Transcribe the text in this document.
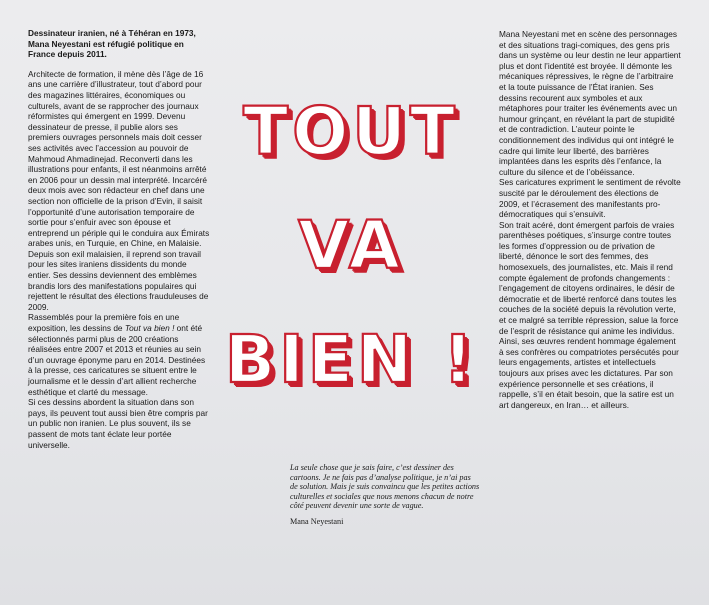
Dessinateur iranien, né à Téhéran en 1973, Mana Neyestani est réfugié politique en France depuis 2011.

Architecte de formation, il mène dès l’âge de 16 ans une carrière d’illustrateur, tout d’abord pour des magazines littéraires, économiques ou culturels, avant de se rapprocher des journaux réformistes qui émergent en 1999. Devenu dessinateur de presse, il publie alors ses premiers ouvrages personnels mais doit cesser ses activités avec l’accession au pouvoir de Mahmoud Ahmadinejad. Reconverti dans les illustrations pour enfants, il est néanmoins arrêté en 2006 pour un dessin mal interprété. Incarcéré deux mois avec son rédacteur en chef dans une section non officielle de la prison d’Evin, il saisit l’opportunité d’une autorisation temporaire de sortie pour s’enfuir avec son épouse et entreprend un périple qui le conduira aux Émirats arabes unis, en Turquie, en Chine, en Malaisie.

Depuis son exil malaisien, il reprend son travail pour les sites iraniens dissidents du monde entier. Ses dessins deviennent des emblèmes brandis lors des manifestations populaires qui rejettent le résultat des élections frauduleuses de 2009.

Rassemblés pour la première fois en une exposition, les dessins de Tout va bien ! ont été sélectionnés parmi plus de 200 créations réalisées entre 2007 et 2013 et réunies au sein d’un ouvrage éponyme paru en 2014. Destinées à la presse, ces caricatures se situent entre le journalisme et le dessin d’art allient recherche esthétique et clarté du message.

Si ces dessins abordent la situation dans son pays, ils peuvent tout aussi bien être compris par un public non iranien. Le plus souvent, ils se passent de mots tant éclate leur portée universelle.

TOUT
VA
BIEN !

La seule chose que je sais faire, c’est dessiner des cartoons. Je ne fais pas d’analyse politique, je n’ai pas de solution. Mais je suis convaincu que les petites actions culturelles et sociales que nous menons chacun de notre côté peuvent devenir une sorte de vague.

Mana Neyestani

Mana Neyestani met en scène des personnages et des situations tragi-comiques, des gens pris dans un système ou leur destin ne leur appartient plus et dont l’identité est broyée. Il démonte les mécaniques répressives, le règne de l’arbitraire et la toute puissance de l’État iranien. Ses dessins recourent aux symboles et aux métaphores pour traiter les événements avec un humour grinçant, en révélant la part de stupidité et de contradiction. L’auteur pointe le conditionnement des individus qui ont intégré le cadre qui limite leur liberté, des barrières implantées dans les esprits dès l’enfance, la culture du silence et de l’obéissance.

Ses caricatures expriment le sentiment de révolte suscité par le déroulement des élections de 2009, et l’écrasement des manifestants pro-démocratiques qui s’ensuivit.

Son trait acéré, dont émergent parfois de vraies parenthèses poétiques, s’insurge contre toutes les formes d’oppression ou de privation de liberté, dénonce le sort des femmes, des homosexuels, des journalistes, etc. Mais il rend compte également de profonds changements : l’engagement de citoyens ordinaires, le désir de démocratie et de liberté renforcé dans toutes les couches de la société depuis la révolution verte, et ce malgré sa terrible répression, salue la force de l’esprit de résistance qui anime les individus.

Ainsi, ses œuvres rendent hommage également à ses confrères ou compatriotes persécutés pour leurs engagements, artistes et intellectuels toujours aux prises avec les dictatures. Par son expérience personnelle et ses créations, il rappelle, s’il en était besoin, que la satire est un art dangereux, en Iran… et ailleurs.
